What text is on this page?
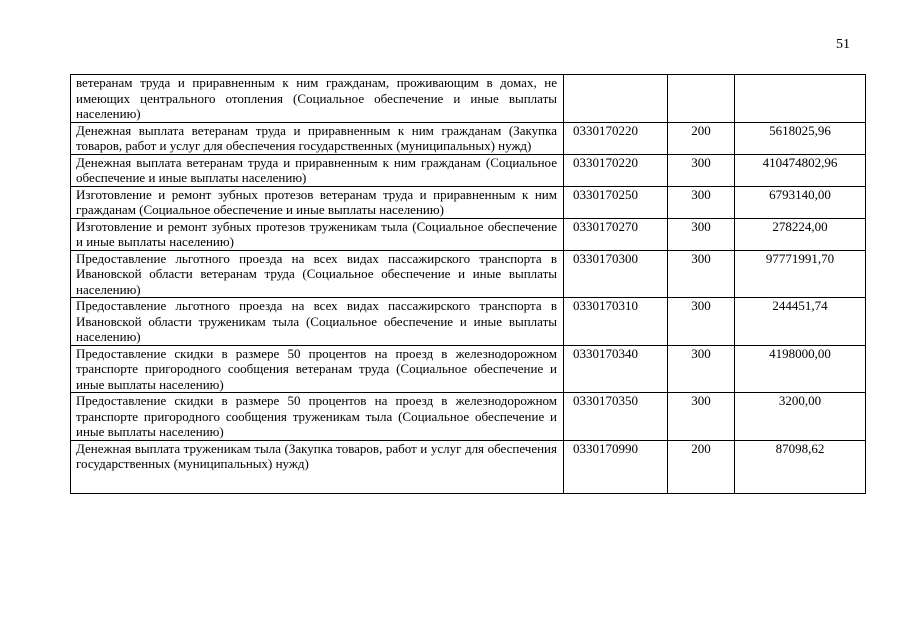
51
ветеранам труда и приравненным к ним гражданам, проживающим в домах, не имеющих центрального отопления (Социальное обеспечение и иные выплаты населению)			
Денежная выплата ветеранам труда и приравненным к ним гражданам (Закупка товаров, работ и услуг для обеспечения государственных (муниципальных) нужд)	0330170220	200	5618025,96
Денежная выплата ветеранам труда и приравненным к ним гражданам (Социальное обеспечение и иные выплаты населению)	0330170220	300	410474802,96
Изготовление и ремонт зубных протезов ветеранам труда и приравненным к ним гражданам (Социальное обеспечение и иные выплаты населению)	0330170250	300	6793140,00
Изготовление и ремонт зубных протезов труженикам тыла (Социальное обеспечение и иные выплаты населению)	0330170270	300	278224,00
Предоставление льготного проезда на всех видах пассажирского транспорта в Ивановской области ветеранам труда (Социальное обеспечение и иные выплаты населению)	0330170300	300	97771991,70
Предоставление льготного проезда на всех видах пассажирского транспорта в Ивановской области труженикам тыла (Социальное обеспечение и иные выплаты населению)	0330170310	300	244451,74
Предоставление скидки в размере 50 процентов на проезд в железнодорожном транспорте пригородного сообщения ветеранам труда (Социальное обеспечение и иные выплаты населению)	0330170340	300	4198000,00
Предоставление скидки в размере 50 процентов на проезд в железнодорожном транспорте пригородного сообщения труженикам тыла (Социальное обеспечение и иные выплаты населению)	0330170350	300	3200,00
Денежная выплата труженикам тыла (Закупка товаров, работ и услуг для обеспечения государственных (муниципальных) нужд)	0330170990	200	87098,62
